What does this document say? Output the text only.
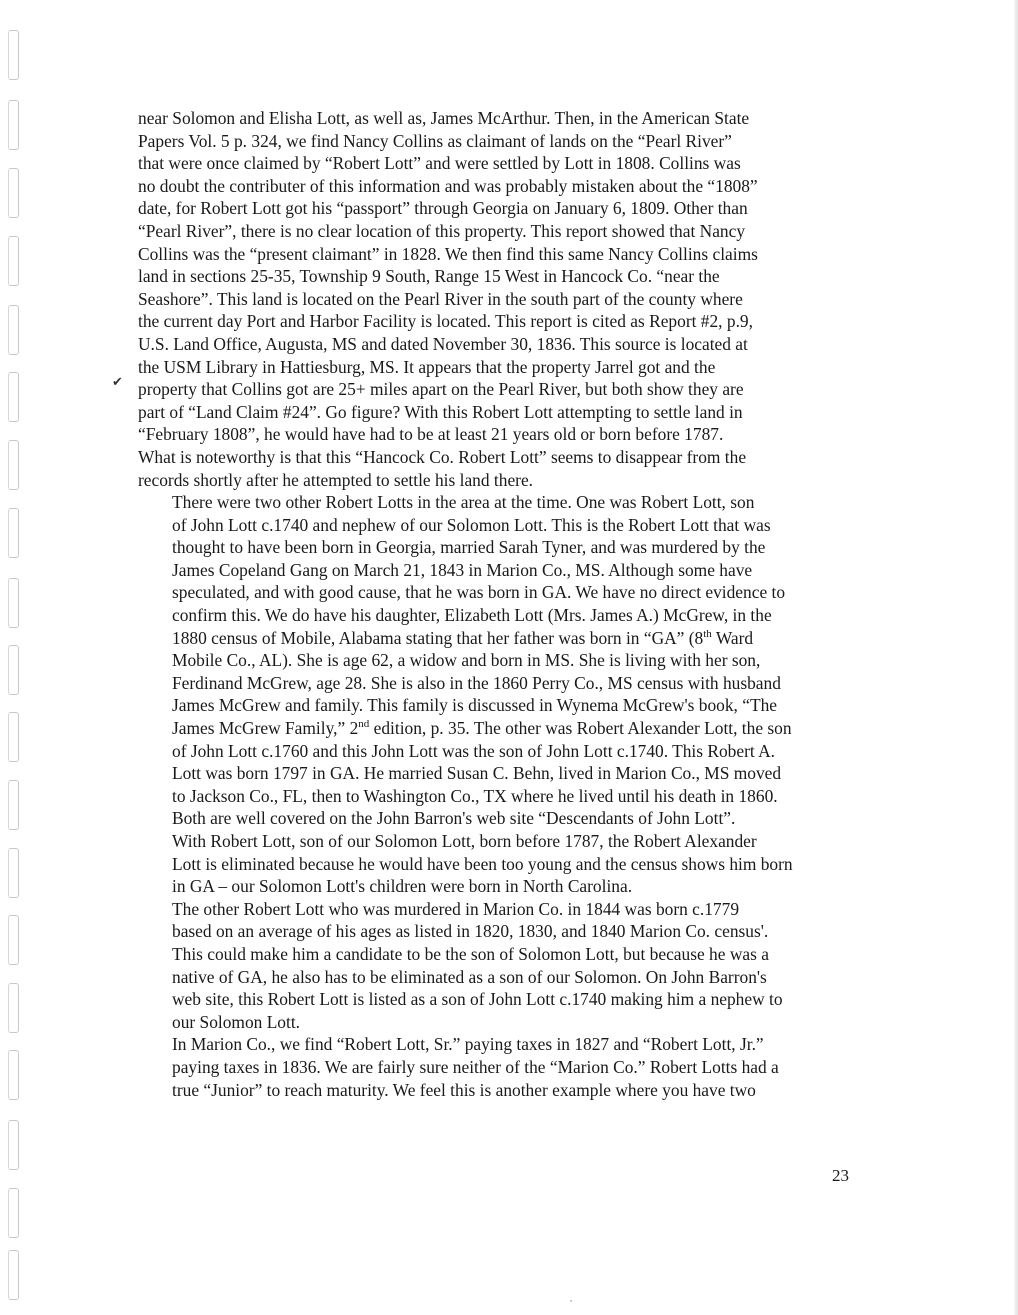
✔
near Solomon and Elisha Lott, as well as, James McArthur. Then, in the American State
Papers Vol. 5 p. 324, we find Nancy Collins as claimant of lands on the “Pearl River”
that were once claimed by “Robert Lott” and were settled by Lott in 1808. Collins was
no doubt the contributer of this information and was probably mistaken about the “1808”
date, for Robert Lott got his “passport” through Georgia on January 6, 1809. Other than
“Pearl River”, there is no clear location of this property. This report showed that Nancy
Collins was the “present claimant” in 1828. We then find this same Nancy Collins claims
land in sections 25-35, Township 9 South, Range 15 West in Hancock Co. “near the
Seashore”. This land is located on the Pearl River in the south part of the county where
the current day Port and Harbor Facility is located. This report is cited as Report #2, p.9,
U.S. Land Office, Augusta, MS and dated November 30, 1836. This source is located at
the USM Library in Hattiesburg, MS. It appears that the property Jarrel got and the
property that Collins got are 25+ miles apart on the Pearl River, but both show they are
part of “Land Claim #24”. Go figure? With this Robert Lott attempting to settle land in
“February 1808”, he would have had to be at least 21 years old or born before 1787.
What is noteworthy is that this “Hancock Co. Robert Lott” seems to disappear from the
records shortly after he attempted to settle his land there.
There were two other Robert Lotts in the area at the time. One was Robert Lott, son
of John Lott c.1740 and nephew of our Solomon Lott. This is the Robert Lott that was
thought to have been born in Georgia, married Sarah Tyner, and was murdered by the
James Copeland Gang on March 21, 1843 in Marion Co., MS. Although some have
speculated, and with good cause, that he was born in GA. We have no direct evidence to
confirm this. We do have his daughter, Elizabeth Lott (Mrs. James A.) McGrew, in the
1880 census of Mobile, Alabama stating that her father was born in “GA” (8th Ward
Mobile Co., AL). She is age 62, a widow and born in MS. She is living with her son,
Ferdinand McGrew, age 28. She is also in the 1860 Perry Co., MS census with husband
James McGrew and family. This family is discussed in Wynema McGrew's book, “The
James McGrew Family,” 2nd edition, p. 35. The other was Robert Alexander Lott, the son
of John Lott c.1760 and this John Lott was the son of John Lott c.1740. This Robert A.
Lott was born 1797 in GA. He married Susan C. Behn, lived in Marion Co., MS moved
to Jackson Co., FL, then to Washington Co., TX where he lived until his death in 1860.
Both are well covered on the John Barron's web site “Descendants of John Lott”.
With Robert Lott, son of our Solomon Lott, born before 1787, the Robert Alexander
Lott is eliminated because he would have been too young and the census shows him born
in GA – our Solomon Lott's children were born in North Carolina.
The other Robert Lott who was murdered in Marion Co. in 1844 was born c.1779
based on an average of his ages as listed in 1820, 1830, and 1840 Marion Co. census'.
This could make him a candidate to be the son of Solomon Lott, but because he was a
native of GA, he also has to be eliminated as a son of our Solomon. On John Barron's
web site, this Robert Lott is listed as a son of John Lott c.1740 making him a nephew to
our Solomon Lott.
In Marion Co., we find “Robert Lott, Sr.” paying taxes in 1827 and “Robert Lott, Jr.”
paying taxes in 1836. We are fairly sure neither of the “Marion Co.” Robert Lotts had a
true “Junior” to reach maturity. We feel this is another example where you have two
23
